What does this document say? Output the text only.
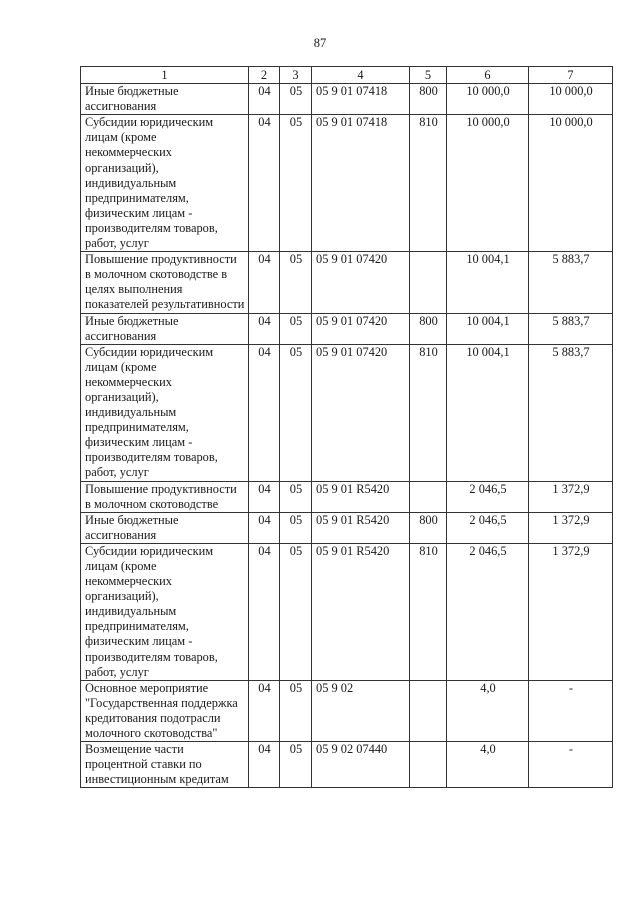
87
1	2	3	4	5	6	7
Иные бюджетные ассигнования	04	05	05 9 01 07418	800	10 000,0	10 000,0
Субсидии юридическим лицам (кроме некоммерческих организаций), индивидуальным предпринимателям, физическим лицам - производителям товаров, работ, услуг	04	05	05 9 01 07418	810	10 000,0	10 000,0
Повышение продуктивности в молочном скотоводстве в целях выполнения показателей результативности	04	05	05 9 01 07420		10 004,1	5 883,7
Иные бюджетные ассигнования	04	05	05 9 01 07420	800	10 004,1	5 883,7
Субсидии юридическим лицам (кроме некоммерческих организаций), индивидуальным предпринимателям, физическим лицам - производителям товаров, работ, услуг	04	05	05 9 01 07420	810	10 004,1	5 883,7
Повышение продуктивности в молочном скотоводстве	04	05	05 9 01 R5420		2 046,5	1 372,9
Иные бюджетные ассигнования	04	05	05 9 01 R5420	800	2 046,5	1 372,9
Субсидии юридическим лицам (кроме некоммерческих организаций), индивидуальным предпринимателям, физическим лицам - производителям товаров, работ, услуг	04	05	05 9 01 R5420	810	2 046,5	1 372,9
Основное мероприятие "Государственная поддержка кредитования подотрасли молочного скотоводства"	04	05	05 9 02		4,0	-
Возмещение части процентной ставки по инвестиционным кредитам	04	05	05 9 02 07440		4,0	-
